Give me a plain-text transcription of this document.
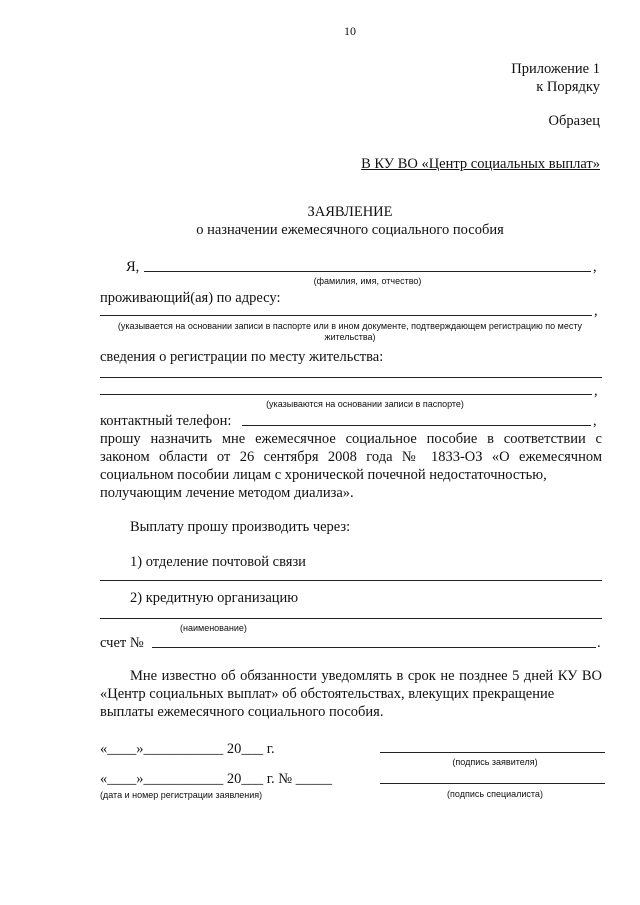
10
Приложение 1
к Порядку
Образец
В КУ ВО «Центр социальных выплат»
ЗАЯВЛЕНИЕ
о назначении ежемесячного социального пособия
Я,	,
(фамилия, имя, отчество)
проживающий(ая) по адресу:
,
(указывается на основании записи в паспорте или в ином документе, подтверждающем регистрацию по месту жительства)
сведения о регистрации по месту жительства:
,
(указываются на основании записи в паспорте)
контактный телефон:	,
прошу назначить мне ежемесячное социальное пособие в соответствии с законом области от 26 сентября 2008 года № 1833-ОЗ «О ежемесячном социальном пособии лицам с хронической почечной недостаточностью,
получающим лечение методом диализа».
Выплату прошу производить через:
1) отделение почтовой связи
2) кредитную организацию
(наименование)
счет №	.
Мне известно об обязанности уведомлять в срок не позднее 5 дней КУ ВО «Центр социальных выплат» об обстоятельствах, влекущих прекращение
выплаты ежемесячного социального пособия.
«____»___________ 20___ г.
(подпись заявителя)
«____»___________ 20___ г. № _____
(дата и номер регистрации заявления)	(подпись специалиста)
